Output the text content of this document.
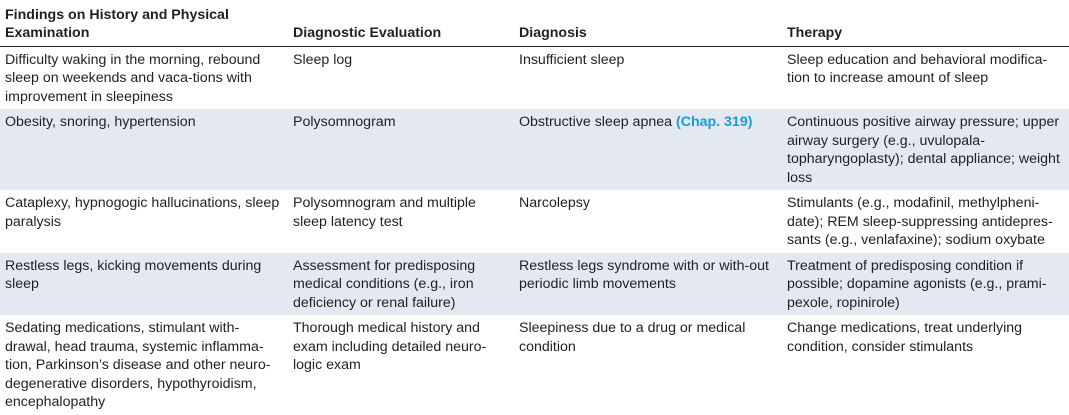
Findings on History and Physical Examination	Diagnostic Evaluation	Diagnosis	Therapy
Difficulty waking in the morning, rebound sleep on weekends and vaca-tions with improvement in sleepiness	Sleep log	Insufficient sleep	Sleep education and behavioral modifica-tion to increase amount of sleep
Obesity, snoring, hypertension	Polysomnogram	Obstructive sleep apnea (Chap. 319)	Continuous positive airway pressure; upper airway surgery (e.g., uvulopala-topharyngoplasty); dental appliance; weight loss
Cataplexy, hypnogogic hallucinations, sleep paralysis	Polysomnogram and multiple sleep latency test	Narcolepsy	Stimulants (e.g., modafinil, methylpheni-date); REM sleep-suppressing antidepres-sants (e.g., venlafaxine); sodium oxybate
Restless legs, kicking movements during sleep	Assessment for predisposing medical conditions (e.g., iron deficiency or renal failure)	Restless legs syndrome with or with-out periodic limb movements	Treatment of predisposing condition if possible; dopamine agonists (e.g., prami-pexole, ropinirole)
Sedating medications, stimulant with-drawal, head trauma, systemic inflamma-tion, Parkinson’s disease and other neuro-degenerative disorders, hypothyroidism, encephalopathy	Thorough medical history and exam including detailed neuro-logic exam	Sleepiness due to a drug or medical condition	Change medications, treat underlying condition, consider stimulants
